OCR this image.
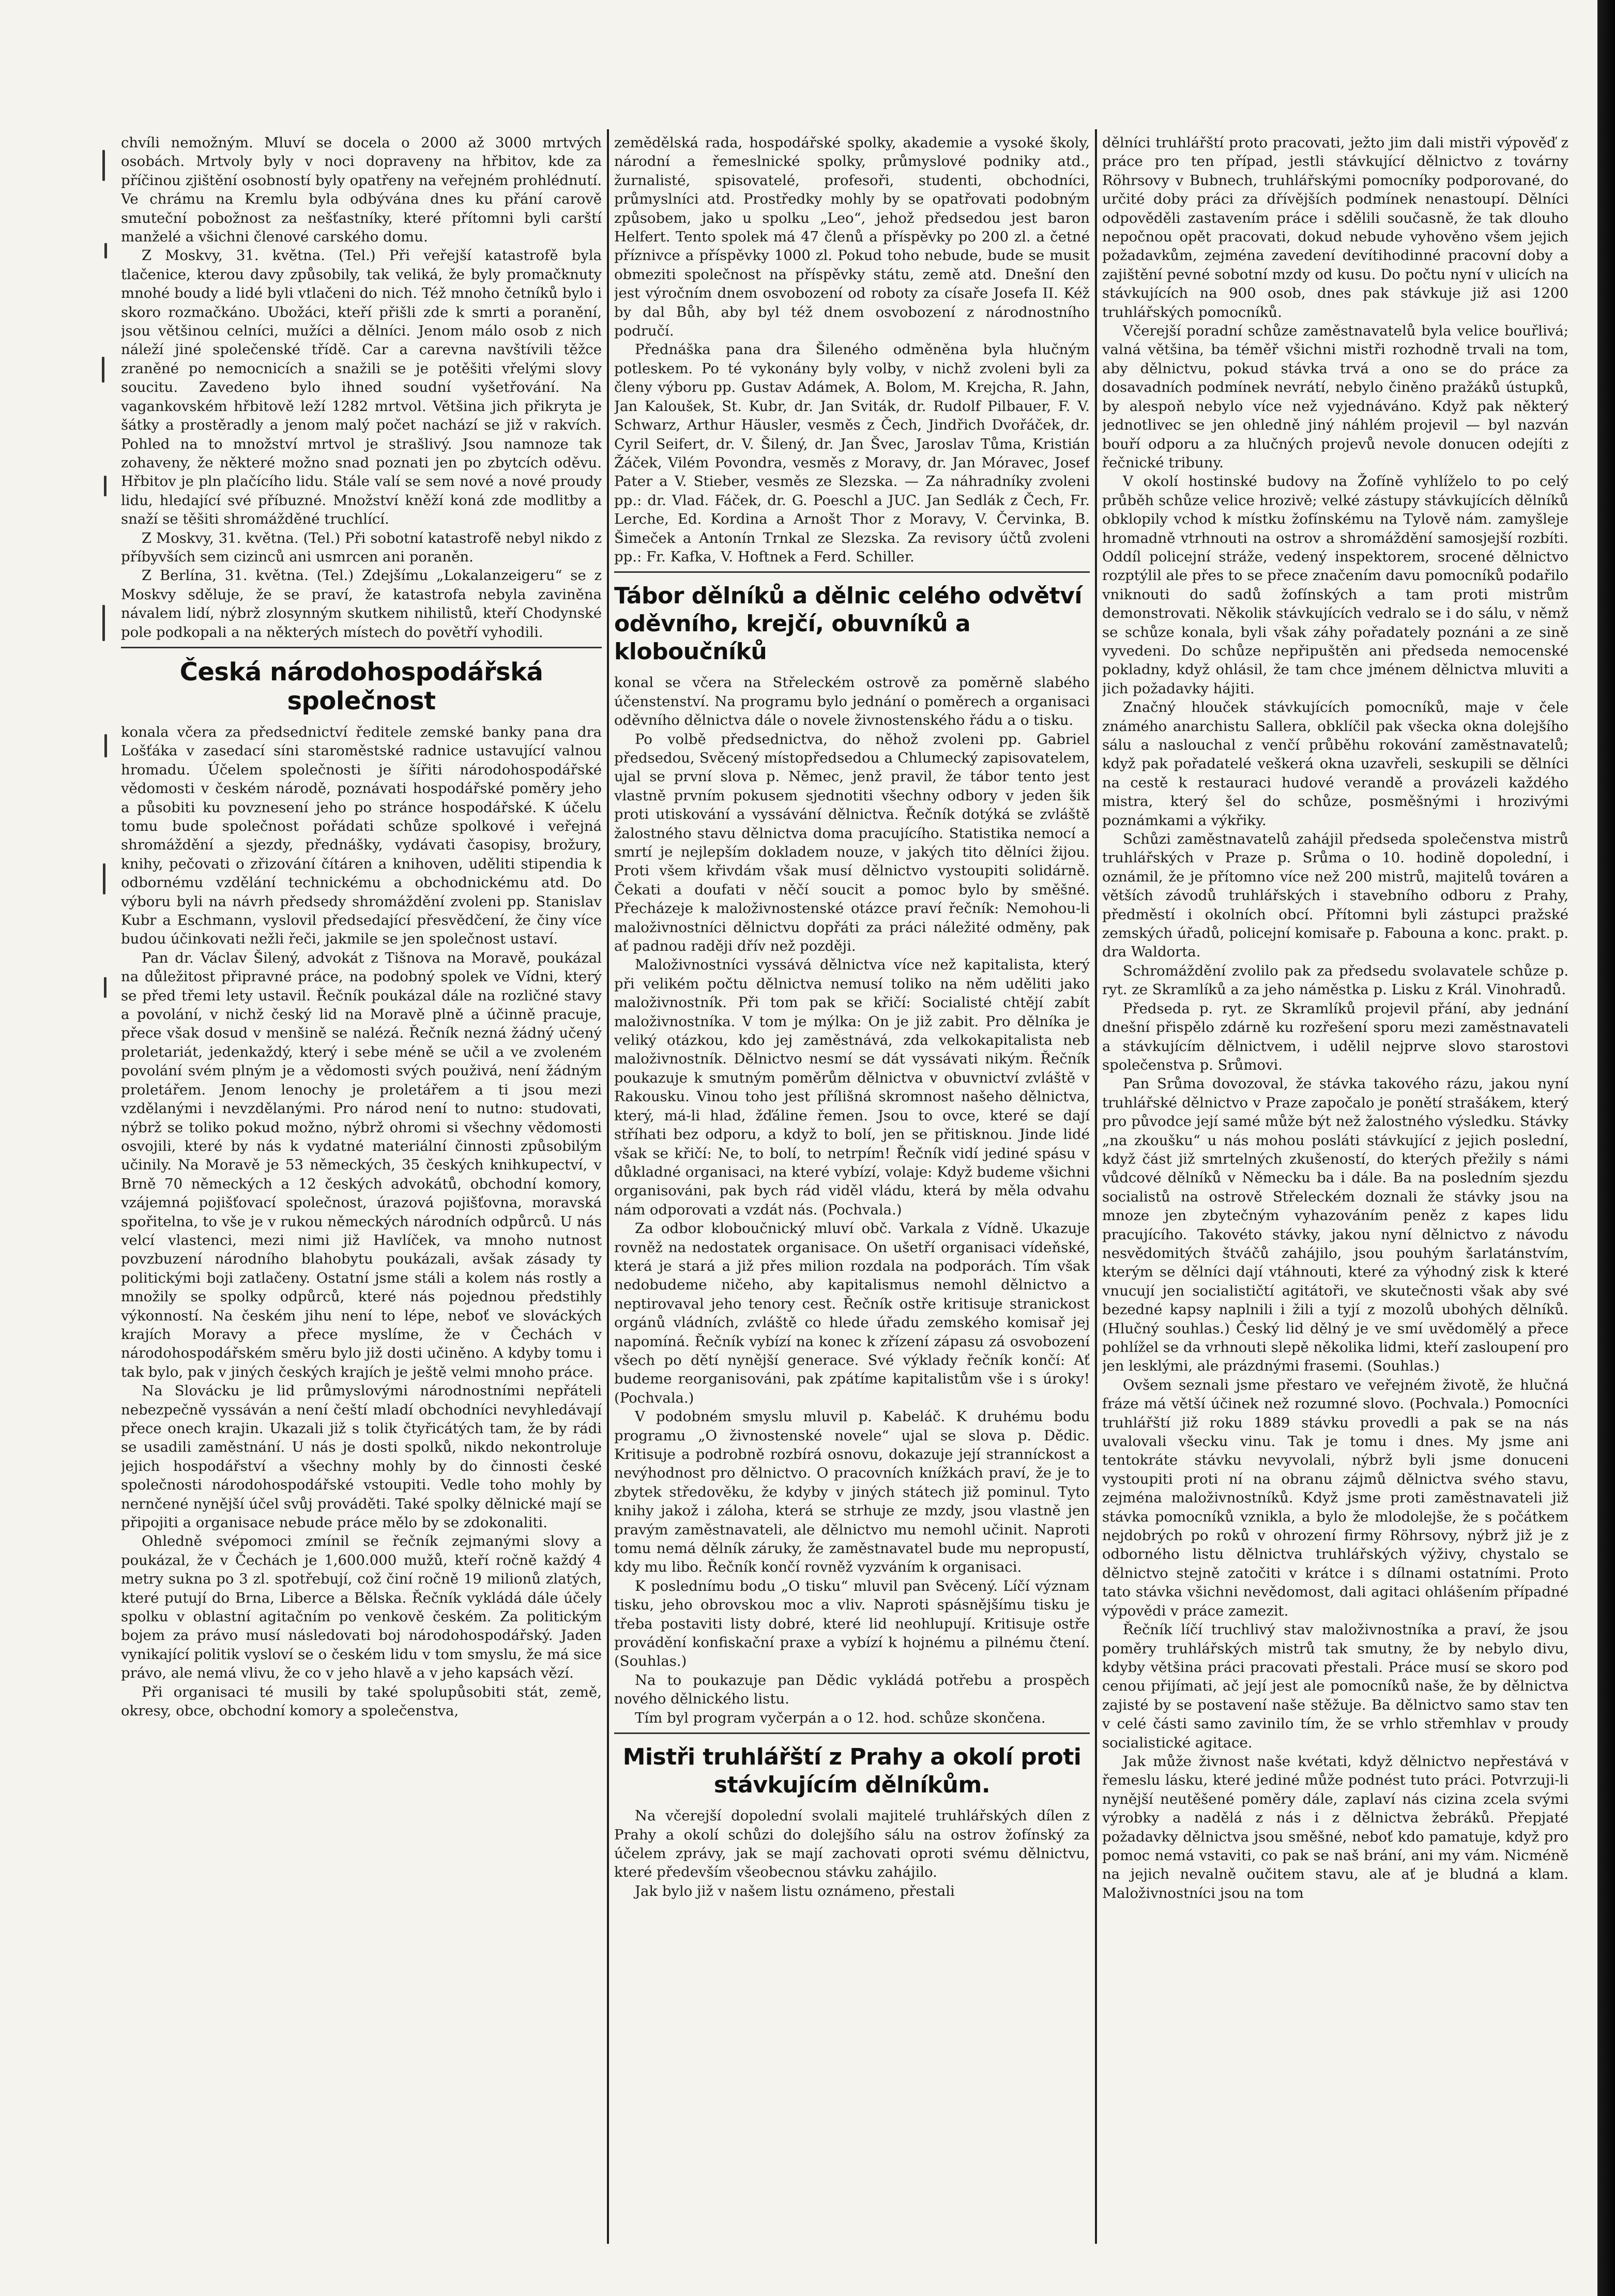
chvíli nemožným. Mluví se docela o 2000 až 3000 mrtvých osobách. Mrtvoly byly v noci dopraveny na hřbitov, kde za příčinou zjištění osobností byly opatřeny na veřejném prohlédnutí. Ve chrámu na Kremlu byla odbývána dnes ku přání carově smuteční pobožnost za nešťastníky, které přítomni byli carští manželé a všichni členové carského domu.

Z Moskvy, 31. května. (Tel.) Při veřejší katastrofě byla tlačenice, kterou davy způsobily, tak veliká, že byly promačknuty mnohé boudy a lidé byli vtlačeni do nich. Též mnoho četníků bylo i skoro rozmačkáno. Ubožáci, kteří přišli zde k smrti a poranění, jsou většinou celníci, mužíci a dělníci. Jenom málo osob z nich náleží jiné společenské třídě. Car a carevna navštívili těžce zraněné po nemocnicích a snažili se je potěšiti vřelými slovy soucitu. Zavedeno bylo ihned soudní vyšetřování. Na vagankovském hřbitově leží 1282 mrtvol. Většina jich přikryta je šátky a prostěradly a jenom malý počet nachází se již v rakvích. Pohled na to množství mrtvol je strašlivý. Jsou namnoze tak zohaveny, že některé možno snad poznati jen po zbytcích oděvu. Hřbitov je pln plačícího lidu. Stále valí se sem nové a nové proudy lidu, hledající své příbuzné. Množství kněží koná zde modlitby a snaží se těšiti shromážděné truchlící.

Z Moskvy, 31. května. (Tel.) Při sobotní katastrofě nebyl nikdo z příbyvších sem cizinců ani usmrcen ani poraněn.

Z Berlína, 31. května. (Tel.) Zdejšímu „Lokalanzeigeru“ se z Moskvy sděluje, že se praví, že katastrofa nebyla zaviněna návalem lidí, nýbrž zlosynným skutkem nihilistů, kteří Chodynské pole podkopali a na některých místech do povětří vyhodili.

Česká národohospodářská společnost

konala včera za předsednictví ředitele zemské banky pana dra Lošťáka v zasedací síni staroměstské radnice ustavující valnou hromadu. Účelem společnosti je šířiti národohospodářské vědomosti v českém národě, poznávati hospodářské poměry jeho a působiti ku povznesení jeho po stránce hospodářské. K účelu tomu bude společnost pořádati schůze spolkové i veřejná shromáždění a sjezdy, přednášky, vydávati časopisy, brožury, knihy, pečovati o zřizování čítáren a knihoven, uděliti stipendia k odbornému vzdělání technickému a obchodnickému atd. Do výboru byli na návrh předsedy shromáždění zvoleni pp. Stanislav Kubr a Eschmann, vyslovil předsedající přesvědčení, že činy více budou účinkovati nežli řeči, jakmile se jen společnost ustaví.

Pan dr. Václav Šilený, advokát z Tišnova na Moravě, poukázal na důležitost připravné práce, na podobný spolek ve Vídni, který se před třemi lety ustavil. Řečník poukázal dále na rozličné stavy a povolání, v nichž český lid na Moravě plně a účinně pracuje, přece však dosud v menšině se nalézá. Řečník nezná žádný učený proletariát, jedenkaždý, který i sebe méně se učil a ve zvoleném povolání svém plným je a vědomosti svých použivá, není žádným proletářem. Jenom lenochy je proletářem a ti jsou mezi vzdělanými i nevzdělanými. Pro národ není to nutno: studovati, nýbrž se toliko pokud možno, nýbrž ohromi si všechny vědomosti osvojili, které by nás k vydatné materiální činnosti způsobilým učinily. Na Moravě je 53 německých, 35 českých knihkupectví, v Brně 70 německých a 12 českých advokátů, obchodní komory, vzájemná pojišťovací společnost, úrazová pojišťovna, moravská spořitelna, to vše je v rukou německých národních odpůrců. U nás velcí vlastenci, mezi nimi již Havlíček, va mnoho nutnost povzbuzení národního blahobytu poukázali, avšak zásady ty politickými boji zatlačeny. Ostatní jsme stáli a kolem nás rostly a množily se spolky odpůrců, které nás pojednou předstihly výkonností. Na českém jihu není to lépe, neboť ve slováckých krajích Moravy a přece myslíme, že v Čechách v národohospodářském směru bylo již dosti učiněno. A kdyby tomu i tak bylo, pak v jiných českých krajích je ještě velmi mnoho práce.

Na Slovácku je lid průmyslovými národnostními nepřáteli nebezpečně vyssáván a není čeští mladí obchodníci nevyhledávají přece onech krajin. Ukazali již s tolik čtyřicátých tam, že by rádi se usadili zaměstnání. U nás je dosti spolků, nikdo nekontroluje jejich hospodářství a všechny mohly by do činnosti české společnosti národohospodářské vstoupiti. Vedle toho mohly by nernčené nynější účel svůj prováděti. Také spolky dělnické mají se připojiti a organisace nebude práce mělo by se zdokonaliti.

Ohledně svépomoci zmínil se řečník zejmanými slovy a poukázal, že v Čechách je 1,600.000 mužů, kteří ročně každý 4 metry sukna po 3 zl. spotřebují, což činí ročně 19 milionů zlatých, které putují do Brna, Liberce a Bělska. Řečník vykládá dále účely spolku v oblastní agitačním po venkově českém. Za politickým bojem za právo musí následovati boj národohospodářský. Jaden vynikající politik vysloví se o českém lidu v tom smyslu, že má sice právo, ale nemá vlivu, že co v jeho hlavě a v jeho kapsách vězí.

Při organisaci té musili by také spolupůsobiti stát, země, okresy, obce, obchodní komory a společenstva,

zemědělská rada, hospodářské spolky, akademie a vysoké školy, národní a řemeslnické spolky, průmyslové podniky atd., žurnalisté, spisovatelé, profesoři, studenti, obchodníci, průmyslníci atd. Prostředky mohly by se opatřovati podobným způsobem, jako u spolku „Leo“, jehož předsedou jest baron Helfert. Tento spolek má 47 členů a příspěvky po 200 zl. a četné příznivce a příspěvky 1000 zl. Pokud toho nebude, bude se musit obmeziti společnost na příspěvky státu, země atd. Dnešní den jest výročním dnem osvobození od roboty za císaře Josefa II. Kéž by dal Bůh, aby byl též dnem osvobození z národnostního područí.

Přednáška pana dra Šileného odměněna byla hlučným potleskem. Po té vykonány byly volby, v nichž zvoleni byli za členy výboru pp. Gustav Adámek, A. Bolom, M. Krejcha, R. Jahn, Jan Kaloušek, St. Kubr, dr. Jan Sviták, dr. Rudolf Pilbauer, F. V. Schwarz, Arthur Häusler, vesměs z Čech, Jindřich Dvořáček, dr. Cyril Seifert, dr. V. Šilený, dr. Jan Švec, Jaroslav Tůma, Kristián Žáček, Vilém Povondra, vesměs z Moravy, dr. Jan Móravec, Josef Pater a V. Stieber, vesměs ze Slezska. — Za náhradníky zvoleni pp.: dr. Vlad. Fáček, dr. G. Poeschl a JUC. Jan Sedlák z Čech, Fr. Lerche, Ed. Kordina a Arnošt Thor z Moravy, V. Červinka, B. Šimeček a Antonín Trnkal ze Slezska. Za revisory účtů zvoleni pp.: Fr. Kafka, V. Hoftnek a Ferd. Schiller.

Tábor dělníků a dělnic celého odvětví oděvního, krejčí, obuvníků a kloboučníků

konal se včera na Střeleckém ostrově za poměrně slabého účenstenství. Na programu bylo jednání o poměrech a organisaci oděvního dělnictva dále o novele živnostenského řádu a o tisku.

Po volbě předsednictva, do něhož zvoleni pp. Gabriel předsedou, Svěcený místopředsedou a Chlumecký zapisovatelem, ujal se první slova p. Němec, jenž pravil, že tábor tento jest vlastně prvním pokusem sjednotiti všechny odbory v jeden šik proti utiskování a vyssávání dělnictva. Řečník dotýká se zvláště žalostného stavu dělnictva doma pracujícího. Statistika nemocí a smrtí je nejlepším dokladem nouze, v jakých tito dělníci žijou. Proti všem křivdám však musí dělnictvo vystoupiti solidárně. Čekati a doufati v něčí soucit a pomoc bylo by směšné. Přecházeje k maloživnostenské otázce praví řečník: Nemohou-li maloživnostníci dělnictvu dopřáti za práci náležité odměny, pak ať padnou raději dřív než později.

Maloživnostníci vyssává dělnictva více než kapitalista, který při velikém počtu dělnictva nemusí toliko na něm uděliti jako maloživnostník. Při tom pak se křičí: Socialisté chtějí zabít maloživnostníka. V tom je mýlka: On je již zabit. Pro dělníka je veliký otázkou, kdo jej zaměstnává, zda velkokapitalista neb maloživnostník. Dělnictvo nesmí se dát vyssávati nikým. Řečník poukazuje k smutným poměrům dělnictva v obuvnictví zvláště v Rakousku. Vinou toho jest přílišná skromnost našeho dělnictva, který, má-li hlad, žďáline řemen. Jsou to ovce, které se dají stříhati bez odporu, a když to bolí, jen se přitisknou. Jinde lidé však se křičí: Ne, to bolí, to netrpím! Řečník vidí jediné spásu v důkladné organisaci, na které vybízí, volaje: Když budeme všichni organisováni, pak bych rád viděl vládu, která by měla odvahu nám odporovati a vzdát nás. (Pochvala.)

Za odbor kloboučnický mluví obč. Varkala z Vídně. Ukazuje rovněž na nedostatek organisace. On ušetří organisaci vídeňské, která je stará a již přes milion rozdala na podporách. Tím však nedobudeme ničeho, aby kapitalismus nemohl dělnictvo a neptirovaval jeho tenory cest. Řečník ostře kritisuje stranickost orgánů vládních, zvláště co hlede úřadu zemského komisař jej napomíná. Řečník vybízí na konec k zřízení zápasu zá osvobození všech po dětí nynější generace. Své výklady řečník končí: Ať budeme reorganisováni, pak zpátíme kapitalistům vše i s úroky! (Pochvala.)

V podobném smyslu mluvil p. Kabeláč. K druhému bodu programu „O živnostenské novele“ ujal se slova p. Dědic. Kritisuje a podrobně rozbírá osnovu, dokazuje její stranníckost a nevýhodnost pro dělnictvo. O pracovních knížkách praví, že je to zbytek středověku, že kdyby v jiných státech již pominul. Tyto knihy jakož i záloha, která se strhuje ze mzdy, jsou vlastně jen pravým zaměstnavateli, ale dělnictvo mu nemohl učinit. Naproti tomu nemá dělník záruky, že zaměstnavatel bude mu nepropustí, kdy mu libo. Řečník končí rovněž vyzváním k organisaci.

K poslednímu bodu „O tisku“ mluvil pan Svěcený. Líčí význam tisku, jeho obrovskou moc a vliv. Naproti spásnějšímu tisku je třeba postaviti listy dobré, které lid neohlupují. Kritisuje ostře provádění konfiskační praxe a vybízí k hojnému a pilnému čtení. (Souhlas.)

Na to poukazuje pan Dědic vykládá potřebu a prospěch nového dělnického listu.

Tím byl program vyčerpán a o 12. hod. schůze skončena.

Mistři truhlářští z Prahy a okolí proti stávkujícím dělníkům.

Na včerejší dopolední svolali majitelé truhlářských dílen z Prahy a okolí schůzi do dolejšího sálu na ostrov žofínský za účelem zprávy, jak se mají zachovati oproti svému dělnictvu, které především všeobecnou stávku zahájilo.

Jak bylo již v našem listu oznámeno, přestali

dělníci truhlářští proto pracovati, ježto jim dali mistři výpověď z práce pro ten případ, jestli stávkující dělnictvo z továrny Röhrsovy v Bubnech, truhlářskými pomocníky podporované, do určité doby práci za dřívějších podmínek nenastoupí. Dělníci odpověděli zastavením práce i sdělili současně, že tak dlouho nepočnou opět pracovati, dokud nebude vyhověno všem jejich požadavkům, zejména zavedení devítihodinné pracovní doby a zajištění pevné sobotní mzdy od kusu. Do počtu nyní v ulicích na stávkujících na 900 osob, dnes pak stávkuje již asi 1200 truhlářských pomocníků.

Včerejší poradní schůze zaměstnavatelů byla velice bouřlivá; valná většina, ba téměř všichni mistři rozhodně trvali na tom, aby dělnictvu, pokud stávka trvá a ono se do práce za dosavadních podmínek nevrátí, nebylo činěno pražáků ústupků, by alespoň nebylo více než vyjednáváno. Když pak některý jednotlivec se jen ohledně jiný náhlém projevil — byl nazván bouří odporu a za hlučných projevů nevole donucen odejíti z řečnické tribuny.

V okolí hostinské budovy na Žofíně vyhlíželo to po celý průběh schůze velice hrozivě; velké zástupy stávkujících dělníků obklopily vchod k místku žofínskému na Tylově nám. zamyšleje hromadně vtrhnouti na ostrov a shromáždění samosjejší rozbíti. Oddíl policejní stráže, vedený inspektorem, srocené dělnictvo rozptýlil ale přes to se přece značením davu pomocníků podařilo vniknouti do sadů žofínských a tam proti mistrům demonstrovati. Několik stávkujících vedralo se i do sálu, v němž se schůze konala, byli však záhy pořadately poznáni a ze sině vyvedeni. Do schůze nepřipuštěn ani předseda nemocenské pokladny, když ohlásil, že tam chce jménem dělnictva mluviti a jich požadavky hájiti.

Značný hlouček stávkujících pomocníků, maje v čele známého anarchistu Sallera, obklíčil pak všecka okna dolejšího sálu a naslouchal z venčí průběhu rokování zaměstnavatelů; když pak pořadatelé veškerá okna uzavřeli, seskupili se dělníci na cestě k restauraci hudové verandě a provázeli každého mistra, který šel do schůze, posměšnými i hrozivými poznámkami a výkřiky.

Schůzi zaměstnavatelů zahájil předseda společenstva mistrů truhlářských v Praze p. Srůma o 10. hodině dopolední, i oznámil, že je přítomno více než 200 mistrů, majitelů továren a větších závodů truhlářských i stavebního odboru z Prahy, předměstí i okolních obcí. Přítomni byli zástupci pražské zemských úřadů, policejní komisaře p. Fabouna a konc. prakt. p. dra Waldorta.

Schromáždění zvolilo pak za předsedu svolavatele schůze p. ryt. ze Skramlíků a za jeho náměstka p. Lisku z Král. Vinohradů.

Předseda p. ryt. ze Skramlíků projevil přání, aby jednání dnešní přispělo zdárně ku rozřešení sporu mezi zaměstnavateli a stávkujícím dělnictvem, i udělil nejprve slovo starostovi společenstva p. Srůmovi.

Pan Srůma dovozoval, že stávka takového rázu, jakou nyní truhlářské dělnictvo v Praze započalo je ponětí strašákem, který pro původce její samé může být než žalostného výsledku. Stávky „na zkoušku“ u nás mohou posláti stávkující z jejich poslední, když část již smrtelných zkušeností, do kterých přežily s námi vůdcové dělníků v Německu ba i dále. Ba na posledním sjezdu socialistů na ostrově Střeleckém doznali že stávky jsou na mnoze jen zbytečným vyhazováním peněz z kapes lidu pracujícího. Takovéto stávky, jakou nyní dělnictvo z návodu nesvědomitých štváčů zahájilo, jsou pouhým šarlatánstvím, kterým se dělníci dají vtáhnouti, které za výhodný zisk k které vnucují jen socialističtí agitátoři, ve skutečnosti však aby své bezedné kapsy naplnili i žili a tyjí z mozolů ubohých dělníků. (Hlučný souhlas.) Český lid dělný je ve smí uvědomělý a přece pohlížel se da vrhnouti slepě několika lidmi, kteří zasloupení pro jen lesklými, ale prázdnými frasemi. (Souhlas.)

Ovšem seznali jsme přestaro ve veřejném životě, že hlučná fráze má větší účinek než rozumné slovo. (Pochvala.) Pomocníci truhlářští již roku 1889 stávku provedli a pak se na nás uvalovali všecku vinu. Tak je tomu i dnes. My jsme ani tentokráte stávku nevyvolali, nýbrž byli jsme donuceni vystoupiti proti ní na obranu zájmů dělnictva svého stavu, zejména maloživnostníků. Když jsme proti zaměstnavateli již stávka pomocníků vznikla, a bylo že mlodolejše, že s počátkem nejdobrých po roků v ohrození firmy Röhrsovy, nýbrž již je z odborného listu dělnictva truhlářských výživy, chystalo se dělnictvo stejně zatočiti v krátce i s dílnami ostatními. Proto tato stávka všichni nevědomost, dali agitaci ohlášením případné výpovědi v práce zamezit.

Řečník líčí truchlivý stav maloživnostníka a praví, že jsou poměry truhlářských mistrů tak smutny, že by nebylo divu, kdyby většina práci pracovati přestali. Práce musí se skoro pod cenou přijímati, ač její jest ale pomocníků naše, že by dělnictva zajisté by se postavení naše stěžuje. Ba dělnictvo samo stav ten v celé části samo zavinilo tím, že se vrhlo střemhlav v proudy socialistické agitace.

Jak může živnost naše kvétati, když dělnictvo nepřestává v řemeslu lásku, které jediné může podnést tuto práci. Potvrzuji-li nynější neutěšené poměry dále, zaplaví nás cizina zcela svými výrobky a nadělá z nás i z dělnictva žebráků. Přepjaté požadavky dělnictva jsou směšné, neboť kdo pamatuje, když pro pomoc nemá vstaviti, co pak se naš brání, ani my vám. Nicméně na jejich nevalně oučitem stavu, ale ať je bludná a klam. Maloživnostníci jsou na tom
